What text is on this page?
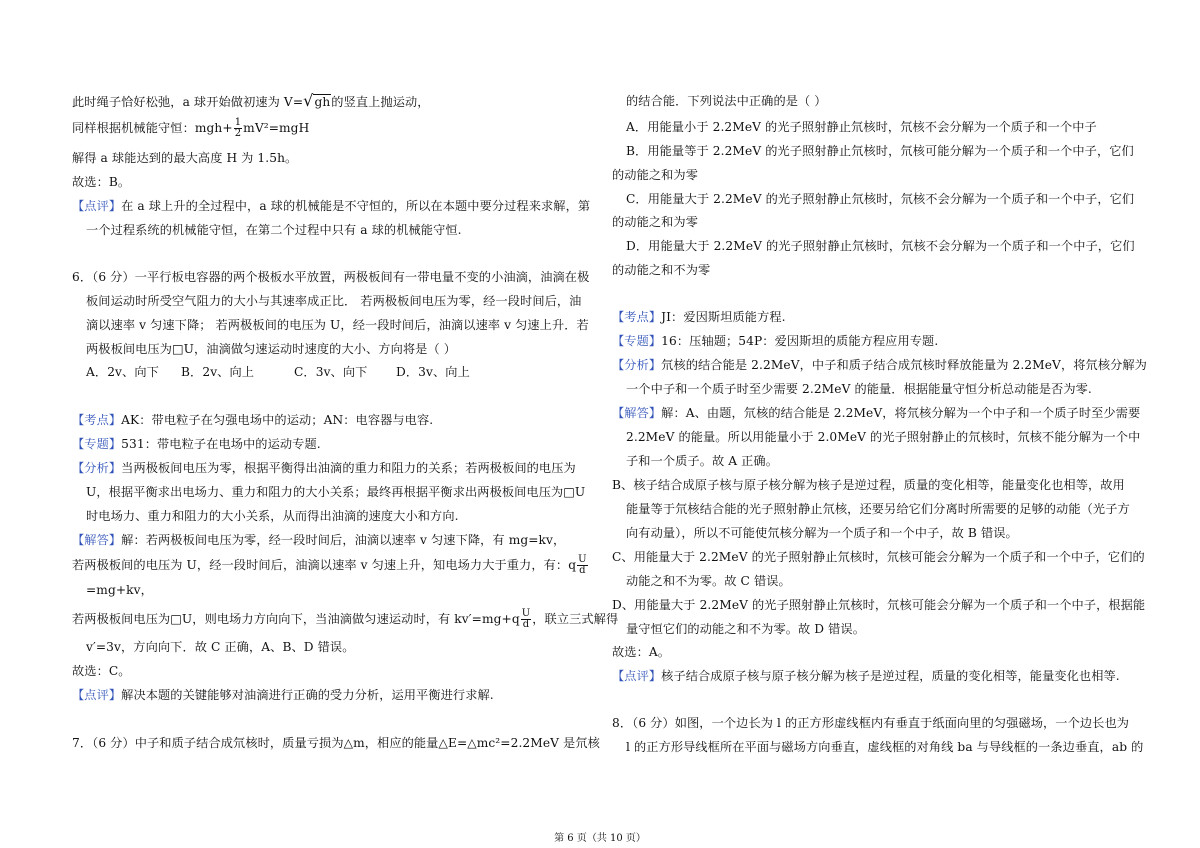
此时绳子恰好松弛，a 球开始做初速为 V=√gh的竖直上抛运动，
同样根据机械能守恒：$mgh+ \frac{1}{2} mV^2=mgH$
解得 a 球能达到的最大高度 H 为 1.5h。
故选：B。
【点评】在 a 球上升的全过程中，a 球的机械能是不守恒的，所以在本题中要分过程来求解，第
一个过程系统的机械能守恒，在第二个过程中只有 a 球的机械能守恒.
6．（6 分）一平行板电容器的两个极板水平放置，两极板间有一带电量不变的小油滴，油滴在极
板间运动时所受空气阻力的大小与其速率成正比． 若两极板间电压为零，经一段时间后，油
滴以速率 v 匀速下降； 若两极板间的电压为 U，经一段时间后，油滴以速率 v 匀速上升．若
两极板间电压为□U，油滴做匀速运动时速度的大小、方向将是（ ）
A．2v、向下 B．2v、向上	C．3v、向下 D．3v、向上
【考点】AK：带电粒子在匀强电场中的运动；AN：电容器与电容.
【专题】531：带电粒子在电场中的运动专题.
【分析】当两极板间电压为零，根据平衡得出油滴的重力和阻力的关系；若两极板间的电压为
U，根据平衡求出电场力、重力和阻力的大小关系；最终再根据平衡求出两极板间电压为□U
时电场力、重力和阻力的大小关系，从而得出油滴的速度大小和方向.
【解答】解：若两极板间电压为零，经一段时间后，油滴以速率 v 匀速下降，有 mg=kv，
若两极板间的电压为 U，经一段时间后，油滴以速率 v 匀速上升，知电场力大于重力，有：q $\frac{U}{d}$
=mg+kv，
若两极板间电压为□U，则电场力方向向下，当油滴做匀速运动时，有 $kv'=mg+q \frac{U}{d}$ ，联立三式解得
v′=3v，方向向下．故 C 正确，A、B、D 错误。
故选：C。
【点评】解决本题的关键能够对油滴进行正确的受力分析，运用平衡进行求解.
7．（6 分）中子和质子结合成氘核时，质量亏损为△m，相应的能量△E=△mc²=2.2MeV 是氘核
的结合能．下列说法中正确的是（ ）
A．用能量小于 2.2MeV 的光子照射静止氘核时，氘核不会分解为一个质子和一个中子
B．用能量等于 2.2MeV 的光子照射静止氘核时，氘核可能分解为一个质子和一个中子，它们
的动能之和为零
C．用能量大于 2.2MeV 的光子照射静止氘核时，氘核不会分解为一个质子和一个中子，它们
的动能之和为零
D．用能量大于 2.2MeV 的光子照射静止氘核时，氘核不会分解为一个质子和一个中子，它们
的动能之和不为零
【考点】JI：爱因斯坦质能方程.
【专题】16：压轴题；54P：爱因斯坦的质能方程应用专题.
【分析】氘核的结合能是 2.2MeV，中子和质子结合成氘核时释放能量为 2.2MeV，将氘核分解为
一个中子和一个质子时至少需要 2.2MeV 的能量．根据能量守恒分析总动能是否为零.
【解答】解：A、由题，氘核的结合能是 2.2MeV，将氘核分解为一个中子和一个质子时至少需要
2.2MeV 的能量。所以用能量小于 2.0MeV 的光子照射静止的氘核时，氘核不能分解为一个中
子和一个质子。故 A 正确。
B、核子结合成原子核与原子核分解为核子是逆过程，质量的变化相等，能量变化也相等，故用
能量等于氘核结合能的光子照射静止氘核，还要另给它们分离时所需要的足够的动能（光子方
向有动量），所以不可能使氘核分解为一个质子和一个中子，故 B 错误。
C、用能量大于 2.2MeV 的光子照射静止氘核时，氘核可能会分解为一个质子和一个中子，它们的
动能之和不为零。故 C 错误。
D、用能量大于 2.2MeV 的光子照射静止氘核时，氘核可能会分解为一个质子和一个中子，根据能
量守恒它们的动能之和不为零。故 D 错误。
故选：A。
【点评】核子结合成原子核与原子核分解为核子是逆过程，质量的变化相等，能量变化也相等.
8．（6 分）如图，一个边长为 l 的正方形虚线框内有垂直于纸面向里的匀强磁场，一个边长也为
l 的正方形导线框所在平面与磁场方向垂直，虚线框的对角线 ba 与导线框的一条边垂直，ab 的
第 6 页（共 10 页）
